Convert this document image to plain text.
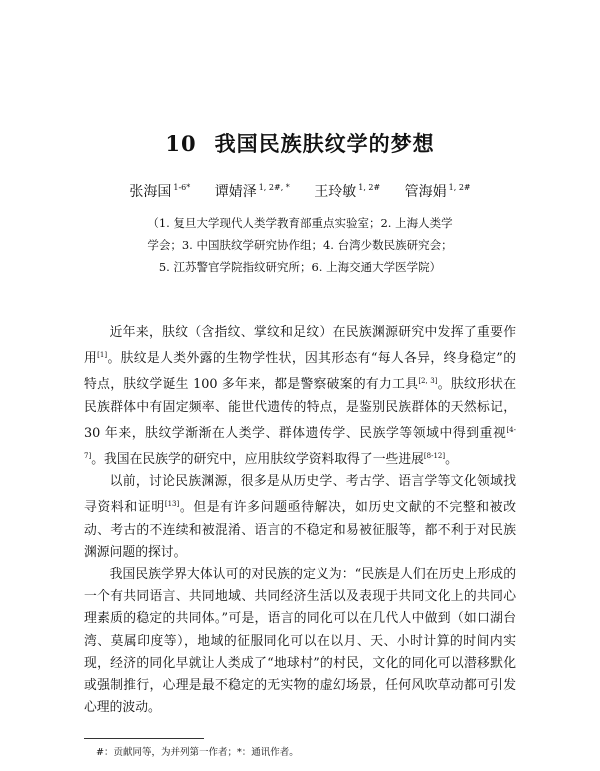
10 我国民族肤纹学的梦想
张海国 $^{1-6*}$ 谭婧泽 $^{1, 2\#, *}$ 王玲敏 $^{1, 2\#}$ 管海娟 $^{1, 2\#}$
（1. 复旦大学现代人类学教育部重点实验室；2. 上海人类学
学会；3. 中国肤纹学研究协作组；4. 台湾少数民族研究会；
5. 江苏警官学院指纹研究所；6. 上海交通大学医学院）

近年来，肤纹（含指纹、掌纹和足纹）在民族渊源研究中发挥了重要作用[1]。肤纹是人类外露的生物学性状，因其形态有“每人各异，终身稳定”的特点，肤纹学诞生 100 多年来，都是警察破案的有力工具[2, 3]。肤纹形状在民族群体中有固定频率、能世代遗传的特点，是鉴别民族群体的天然标记，30 年来，肤纹学渐渐在人类学、群体遗传学、民族学等领域中得到重视[4-7]。我国在民族学的研究中，应用肤纹学资料取得了一些进展[8-12]。

以前，讨论民族渊源，很多是从历史学、考古学、语言学等文化领域找寻资料和证明[13]。但是有许多问题亟待解决，如历史文献的不完整和被改动、考古的不连续和被混淆、语言的不稳定和易被征服等，都不利于对民族渊源问题的探讨。

我国民族学界大体认可的对民族的定义为：“民族是人们在历史上形成的一个有共同语言、共同地域、共同经济生活以及表现于共同文化上的共同心理素质的稳定的共同体。”可是，语言的同化可以在几代人中做到（如口湖台湾、莫属印度等），地域的征服同化可以在以月、天、小时计算的时间内实现，经济的同化早就让人类成了“地球村”的村民，文化的同化可以潜移默化或强制推行，心理是最不稳定的无实物的虚幻场景，任何风吹草动都可引发心理的波动。

#：贡献同等，为并列第一作者；*：通讯作者。
